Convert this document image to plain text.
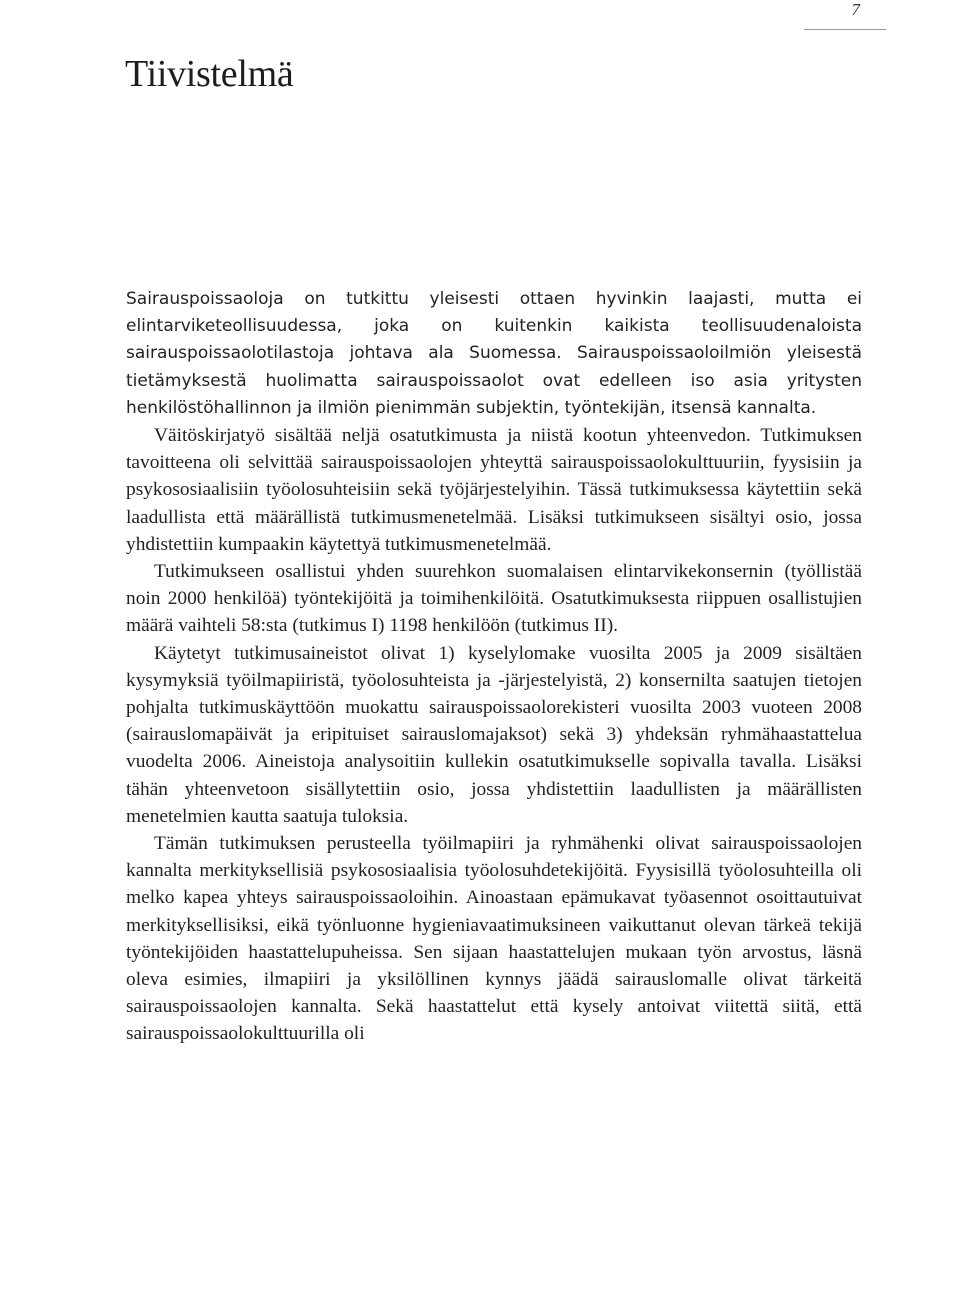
7
Tiivistelmä

Sairauspoissaoloja on tutkittu yleisesti ottaen hyvinkin laajasti, mutta ei elintarviketeollisuudessa, joka on kuitenkin kaikista teollisuudenaloista sairauspoissaolotilastoja johtava ala Suomessa. Sairauspoissaoloilmiön yleisestä tietämyksestä huolimatta sairauspoissaolot ovat edelleen iso asia yritysten henkilöstöhallinnon ja ilmiön pienimmän subjektin, työntekijän, itsensä kannalta.

Väitöskirjatyö sisältää neljä osatutkimusta ja niistä kootun yhteenvedon. Tutkimuksen tavoitteena oli selvittää sairauspoissaolojen yhteyttä sairauspoissaolokulttuuriin, fyysisiin ja psykososiaalisiin työolosuhteisiin sekä työjärjestelyihin. Tässä tutkimuksessa käytettiin sekä laadullista että määrällistä tutkimusmenetelmää. Lisäksi tutkimukseen sisältyi osio, jossa yhdistettiin kumpaakin käytettyä tutkimusmenetelmää.

Tutkimukseen osallistui yhden suurehkon suomalaisen elintarvikekonsernin (työllistää noin 2000 henkilöä) työntekijöitä ja toimihenkilöitä. Osatutkimuksesta riippuen osallistujien määrä vaihteli 58:sta (tutkimus I) 1198 henkilöön (tutkimus II).

Käytetyt tutkimusaineistot olivat 1) kyselylomake vuosilta 2005 ja 2009 sisältäen kysymyksiä työilmapiiristä, työolosuhteista ja -järjestelyistä, 2) konsernilta saatujen tietojen pohjalta tutkimuskäyttöön muokattu sairauspoissaolorekisteri vuosilta 2003 vuoteen 2008 (sairauslomapäivät ja eripituiset sairauslomajaksot) sekä 3) yhdeksän ryhmähaastattelua vuodelta 2006. Aineistoja analysoitiin kullekin osatutkimukselle sopivalla tavalla. Lisäksi tähän yhteenvetoon sisällytettiin osio, jossa yhdistettiin laadullisten ja määrällisten menetelmien kautta saatuja tuloksia.

Tämän tutkimuksen perusteella työilmapiiri ja ryhmähenki olivat sairauspoissaolojen kannalta merkityksellisiä psykososiaalisia työolosuhdetekijöitä. Fyysisillä työolosuhteilla oli melko kapea yhteys sairauspoissaoloihin. Ainoastaan epämukavat työasennot osoittautuivat merkityksellisiksi, eikä työnluonne hygieniavaatimuksineen vaikuttanut olevan tärkeä tekijä työntekijöiden haastattelupuheissa. Sen sijaan haastattelujen mukaan työn arvostus, läsnä oleva esimies, ilmapiiri ja yksilöllinen kynnys jäädä sairauslomalle olivat tärkeitä sairauspoissaolojen kannalta. Sekä haastattelut että kysely antoivat viitettä siitä, että sairauspoissaolokulttuurilla oli
